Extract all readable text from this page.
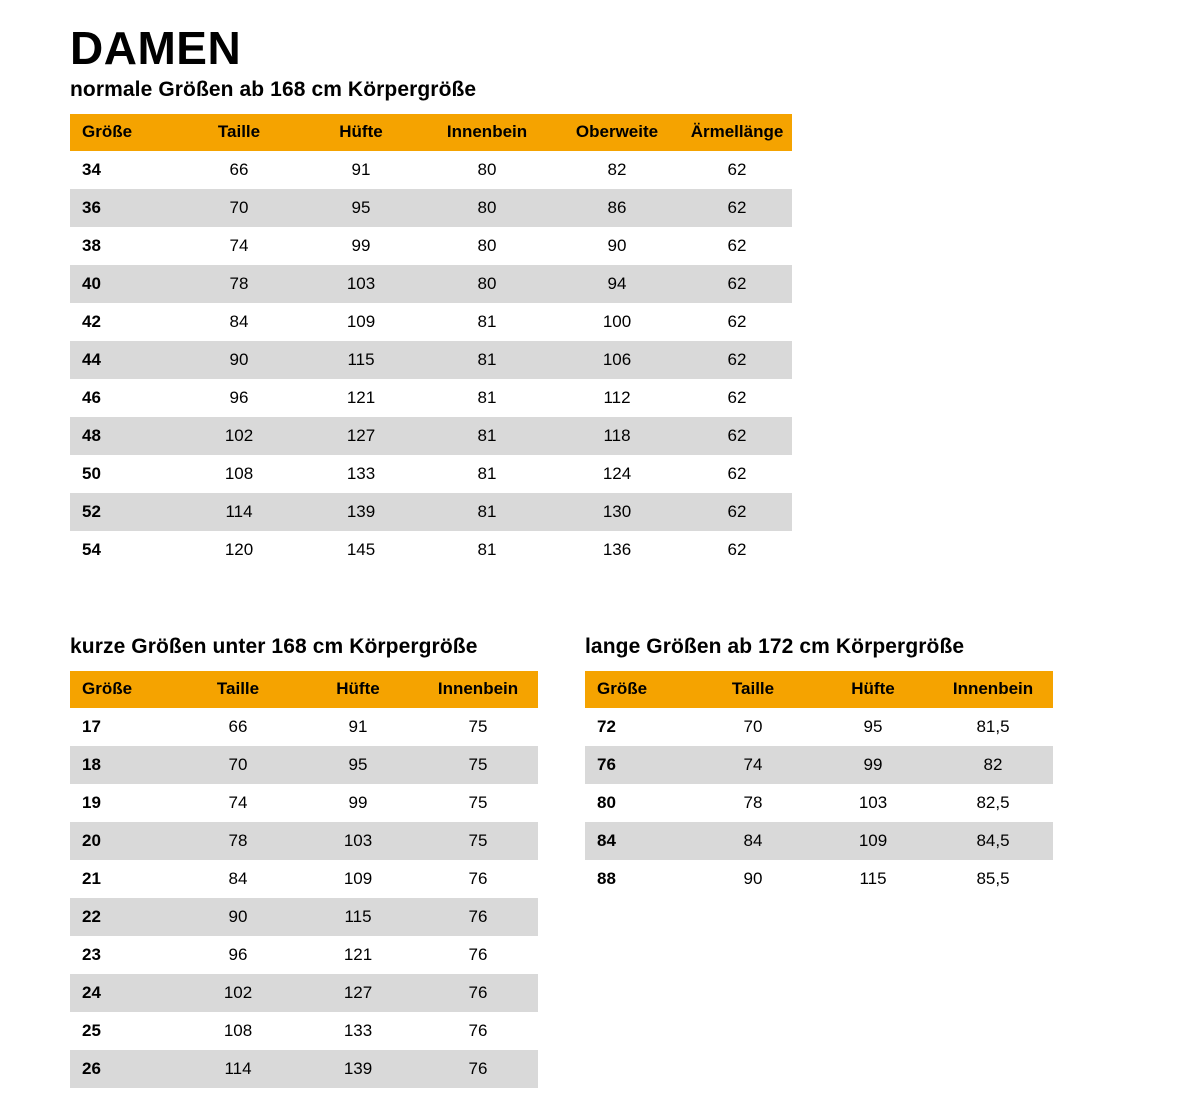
DAMEN
normale Größen ab 168 cm Körpergröße
Größe	Taille	Hüfte	Innenbein	Oberweite	Ärmellänge
34	66	91	80	82	62
36	70	95	80	86	62
38	74	99	80	90	62
40	78	103	80	94	62
42	84	109	81	100	62
44	90	115	81	106	62
46	96	121	81	112	62
48	102	127	81	118	62
50	108	133	81	124	62
52	114	139	81	130	62
54	120	145	81	136	62
kurze Größen unter 168 cm Körpergröße
Größe	Taille	Hüfte	Innenbein
17	66	91	75
18	70	95	75
19	74	99	75
20	78	103	75
21	84	109	76
22	90	115	76
23	96	121	76
24	102	127	76
25	108	133	76
26	114	139	76
lange Größen ab 172 cm Körpergröße
Größe	Taille	Hüfte	Innenbein
72	70	95	81,5
76	74	99	82
80	78	103	82,5
84	84	109	84,5
88	90	115	85,5
